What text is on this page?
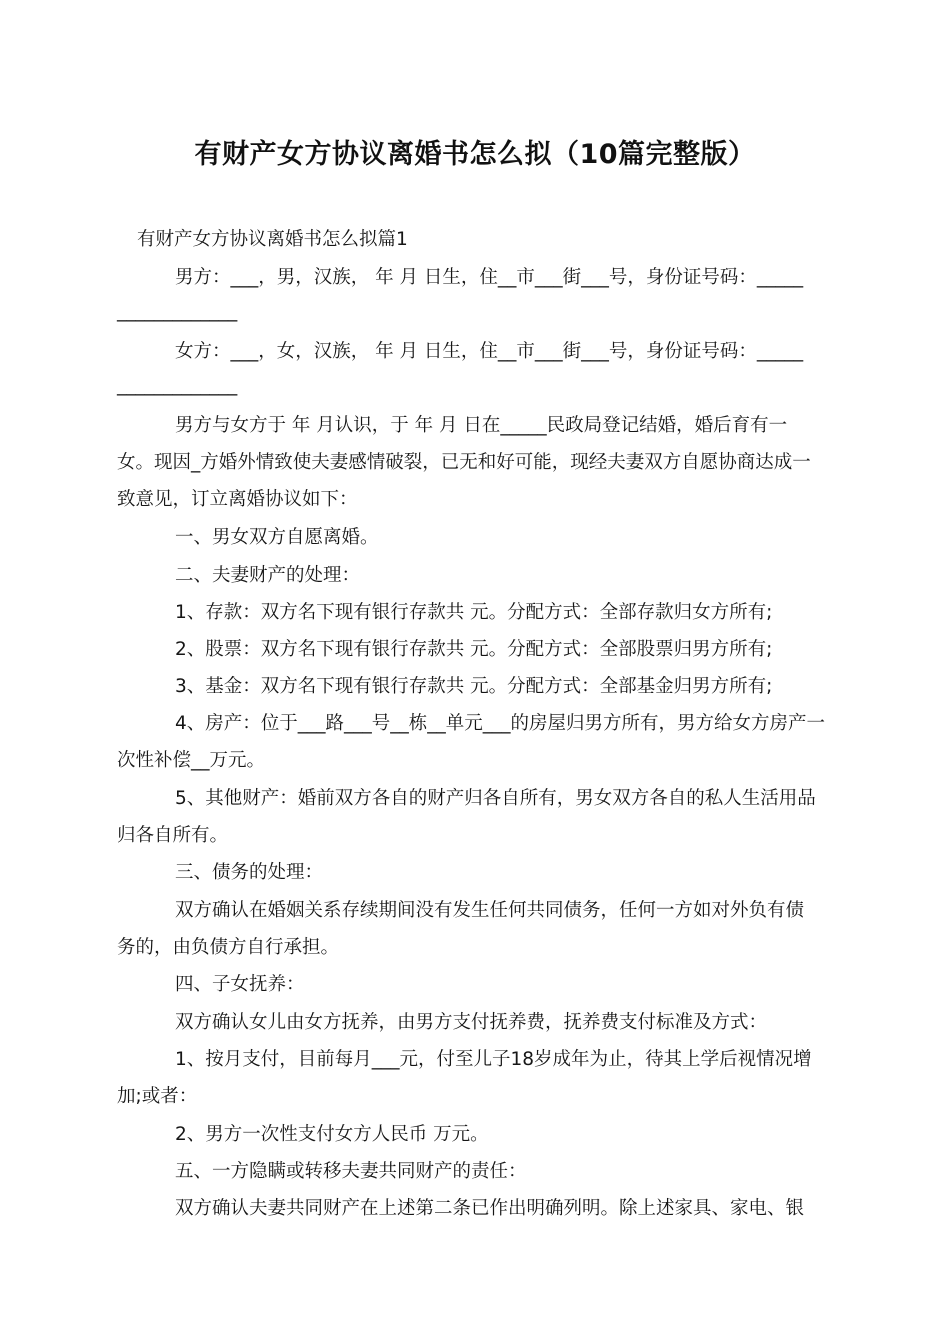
有财产女方协议离婚书怎么拟（10篇完整版）
有财产女方协议离婚书怎么拟篇1
男方：___，男，汉族， 年 月 日生，住__市___街___号，身份证号码：_____
_____________
女方：___，女，汉族， 年 月 日生，住__市___街___号，身份证号码：_____
_____________
男方与女方于 年 月认识，于 年 月 日在_____民政局登记结婚，婚后育有一
女。现因_方婚外情致使夫妻感情破裂，已无和好可能，现经夫妻双方自愿协商达成一
致意见，订立离婚协议如下：
一、男女双方自愿离婚。
二、夫妻财产的处理：
1、存款：双方名下现有银行存款共 元。分配方式：全部存款归女方所有;
2、股票：双方名下现有银行存款共 元。分配方式：全部股票归男方所有;
3、基金：双方名下现有银行存款共 元。分配方式：全部基金归男方所有;
4、房产：位于___路___号__栋__单元___的房屋归男方所有，男方给女方房产一
次性补偿__万元。
5、其他财产：婚前双方各自的财产归各自所有，男女双方各自的私人生活用品
归各自所有。
三、债务的处理：
双方确认在婚姻关系存续期间没有发生任何共同债务，任何一方如对外负有债
务的，由负债方自行承担。
四、子女抚养：
双方确认女儿由女方抚养，由男方支付抚养费，抚养费支付标准及方式：
1、按月支付，目前每月___元，付至儿子18岁成年为止，待其上学后视情况增
加;或者：
2、男方一次性支付女方人民币 万元。
五、一方隐瞒或转移夫妻共同财产的责任：
双方确认夫妻共同财产在上述第二条已作出明确列明。除上述家具、家电、银
